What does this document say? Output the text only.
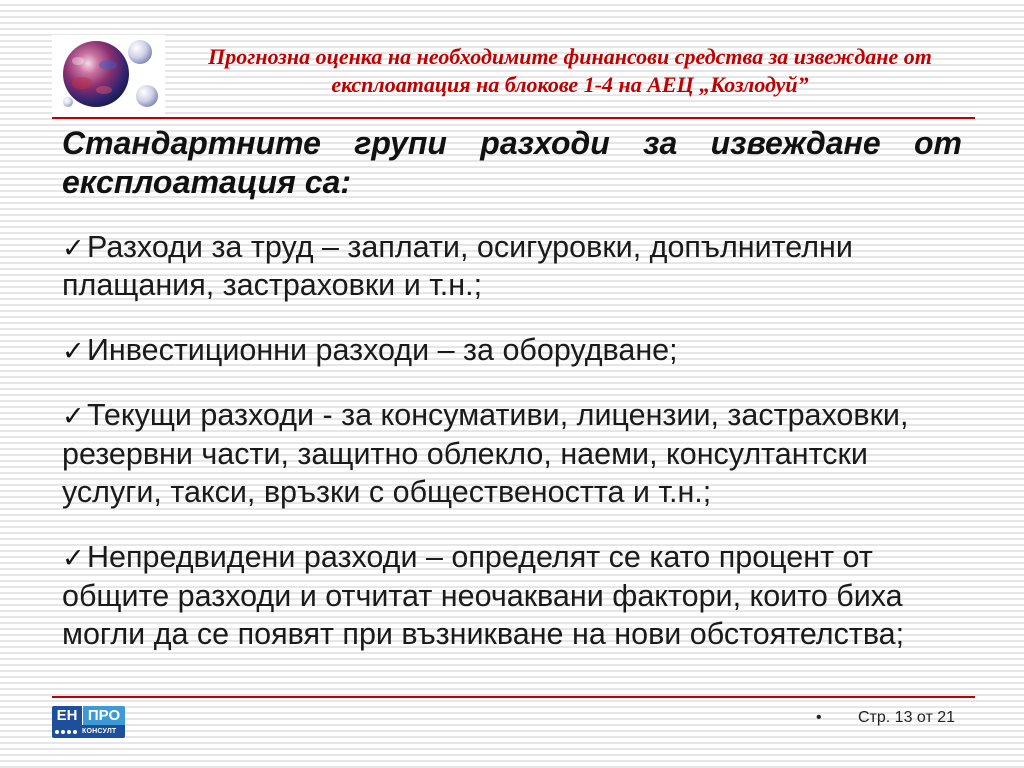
Прогнозна оценка на необходимите финансови средства за извеждане от
експлоатация на блокове 1-4 на АЕЦ „Козлодуй”
Стандартните групи разходи за извеждане от
експлоатация са:
✓Разходи за труд – заплати, осигуровки, допълнителни
плащания, застраховки и т.н.;
✓Инвестиционни разходи – за оборудване;
✓Текущи разходи - за консумативи, лицензии, застраховки,
резервни части, защитно облекло, наеми, консултантски
услуги, такси, връзки с обществеността и т.н.;
✓Непредвидени разходи – определят се като процент от
общите разходи и отчитат неочаквани фактори, които биха
могли да се появят при възникване на нови обстоятелства;
ЕН ПРО
КОНСУЛТ
• Стр. 13 от 21
